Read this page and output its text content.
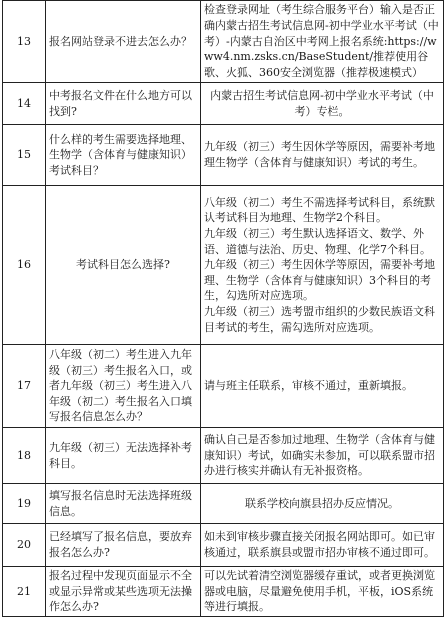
13	报名网站登录不进去怎么办？	检查登录网址（考生综合服务平台）输入是否正确内蒙古招生考试信息网-初中学业水平考试（中考）-内蒙古自治区中考网上报名系统:https://www4.nm.zsks.cn/BaseStudent/推荐使用谷歌、火狐、360安全浏览器（推荐极速模式）
14	中考报名文件在什么地方可以找到?	内蒙古招生考试信息网-初中学业水平考试（中考）专栏。
15	什么样的考生需要选择地理、生物学（含体育与健康知识）考试科目？	九年级（初三）考生因休学等原因，需要补考地理生物学（含体育与健康知识）考试的考生。
16	考试科目怎么选择?	八年级（初二）考生不需选择考试科目，系统默认考试科目为地理、生物学2个科目。
九年级（初三）考生默认选择语文、数学、外语、道德与法治、历史、物理、化学7个科目。
九年级（初三）考生因休学等原因，需要补考地理、生物学（含体育与健康知识）3个科目的考生，勾选所对应选项。
九年级（初三）选考盟市组织的少数民族语文科目考试的考生，需勾选所对应选项。

17	八年级（初二）考生进入九年级（初三）考生报名入口，或者九年级（初三）考生进入八年级（初二）考生报名入口填写报名信息怎么办？	请与班主任联系，审核不通过，重新填报。
18	九年级（初三）无法选择补考科目。	确认自己是否参加过地理、生物学（含体育与健康知识）考试，如确实未参加，可以联系盟市招办进行核实并确认有无补报资格。
19	填写报名信息时无法选择班级信息。	联系学校向旗县招办反应情况。
20	已经填写了报名信息，要放弃报名怎么办?	如未到审核步骤直接关闭报名网站即可。如已审核通过，联系旗县或盟市招办审核不通过即可。
21	报名过程中发现页面显示不全或显示异常或某些选项无法操作怎么办?	可以先试着清空浏览器缓存重试，或者更换浏览器或电脑，尽量避免使用手机，平板，iOS系统等进行填报。
